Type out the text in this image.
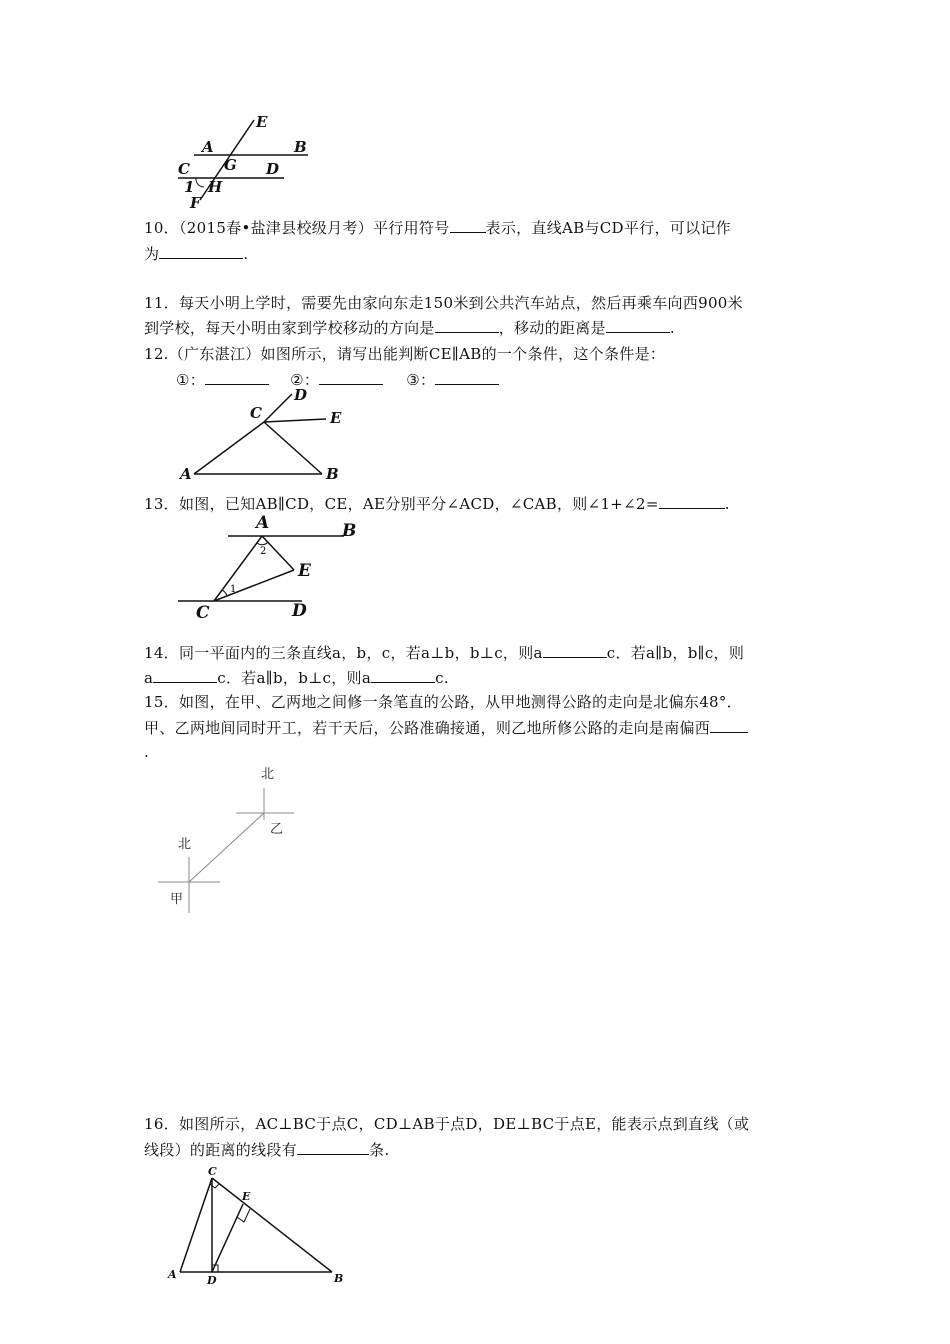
E
A
G
B
C	D
1 H
F
10．（2015春•盐津县校级月考）平行用符号 表示，直线AB与CD平行，可以记作
为	.
11．每天小明上学时，需要先由家向东走150米到公共汽车站点，然后再乘车向西900米
到学校，每天小明由家到学校移动的方向是	，移动的距离是	.
12.（广东湛江）如图所示，请写出能判断CE∥AB的一个条件，这个条件是：
①：	②：	③：
C
D
E
A	B
13．如图，已知AB∥CD，CE，AE分别平分∠ACD，∠CAB，则∠1+∠2=	.
A	B
2
E
1
C	D
14．同一平面内的三条直线a，b，c，若a⊥b，b⊥c，则a	c．若a∥b，b∥c，则
a	c．若a∥b，b⊥c，则a	c.
15．如图，在甲、乙两地之间修一条笔直的公路，从甲地测得公路的走向是北偏东48°．
甲、乙两地间同时开工，若干天后，公路准确接通，则乙地所修公路的走向是南偏西
.
北
乙
北
甲
16．如图所示，AC⊥BC于点C，CD⊥AB于点D，DE⊥BC于点E，能表示点到直线（或
线段）的距离的线段有	条.
C
E
A	D	B
